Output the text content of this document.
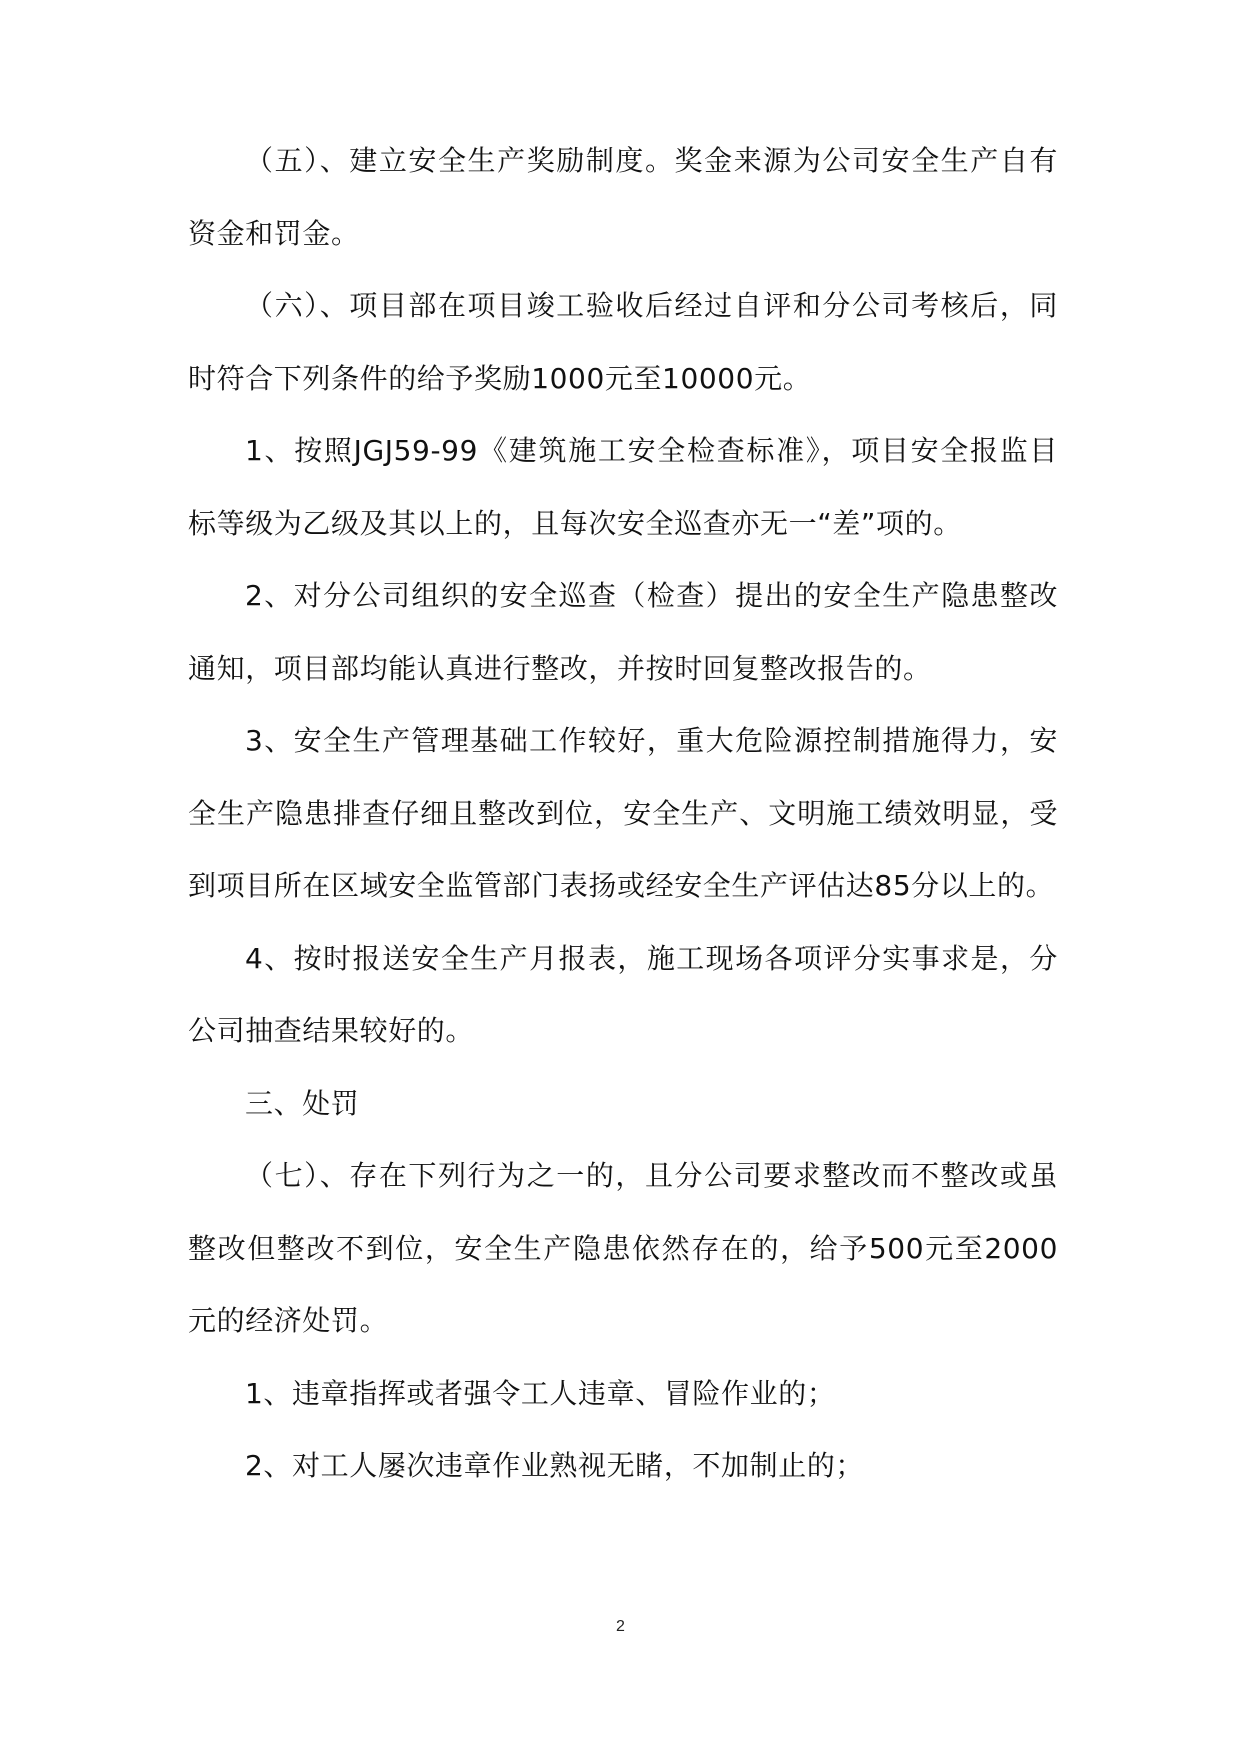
（五）、建立安全生产奖励制度。奖金来源为公司安全生产自有资金和罚金。

（六）、项目部在项目竣工验收后经过自评和分公司考核后，同时符合下列条件的给予奖励1000元至10000元。

1、按照JGJ59-99《建筑施工安全检查标准》，项目安全报监目标等级为乙级及其以上的，且每次安全巡查亦无一“差”项的。

2、对分公司组织的安全巡查（检查）提出的安全生产隐患整改通知，项目部均能认真进行整改，并按时回复整改报告的。

3、安全生产管理基础工作较好，重大危险源控制措施得力，安全生产隐患排查仔细且整改到位，安全生产、文明施工绩效明显，受到项目所在区域安全监管部门表扬或经安全生产评估达85分以上的。

4、按时报送安全生产月报表，施工现场各项评分实事求是，分公司抽查结果较好的。

三、处罚

（七）、存在下列行为之一的，且分公司要求整改而不整改或虽整改但整改不到位，安全生产隐患依然存在的，给予500元至2000元的经济处罚。

1、违章指挥或者强令工人违章、冒险作业的；

2、对工人屡次违章作业熟视无睹，不加制止的；

2
